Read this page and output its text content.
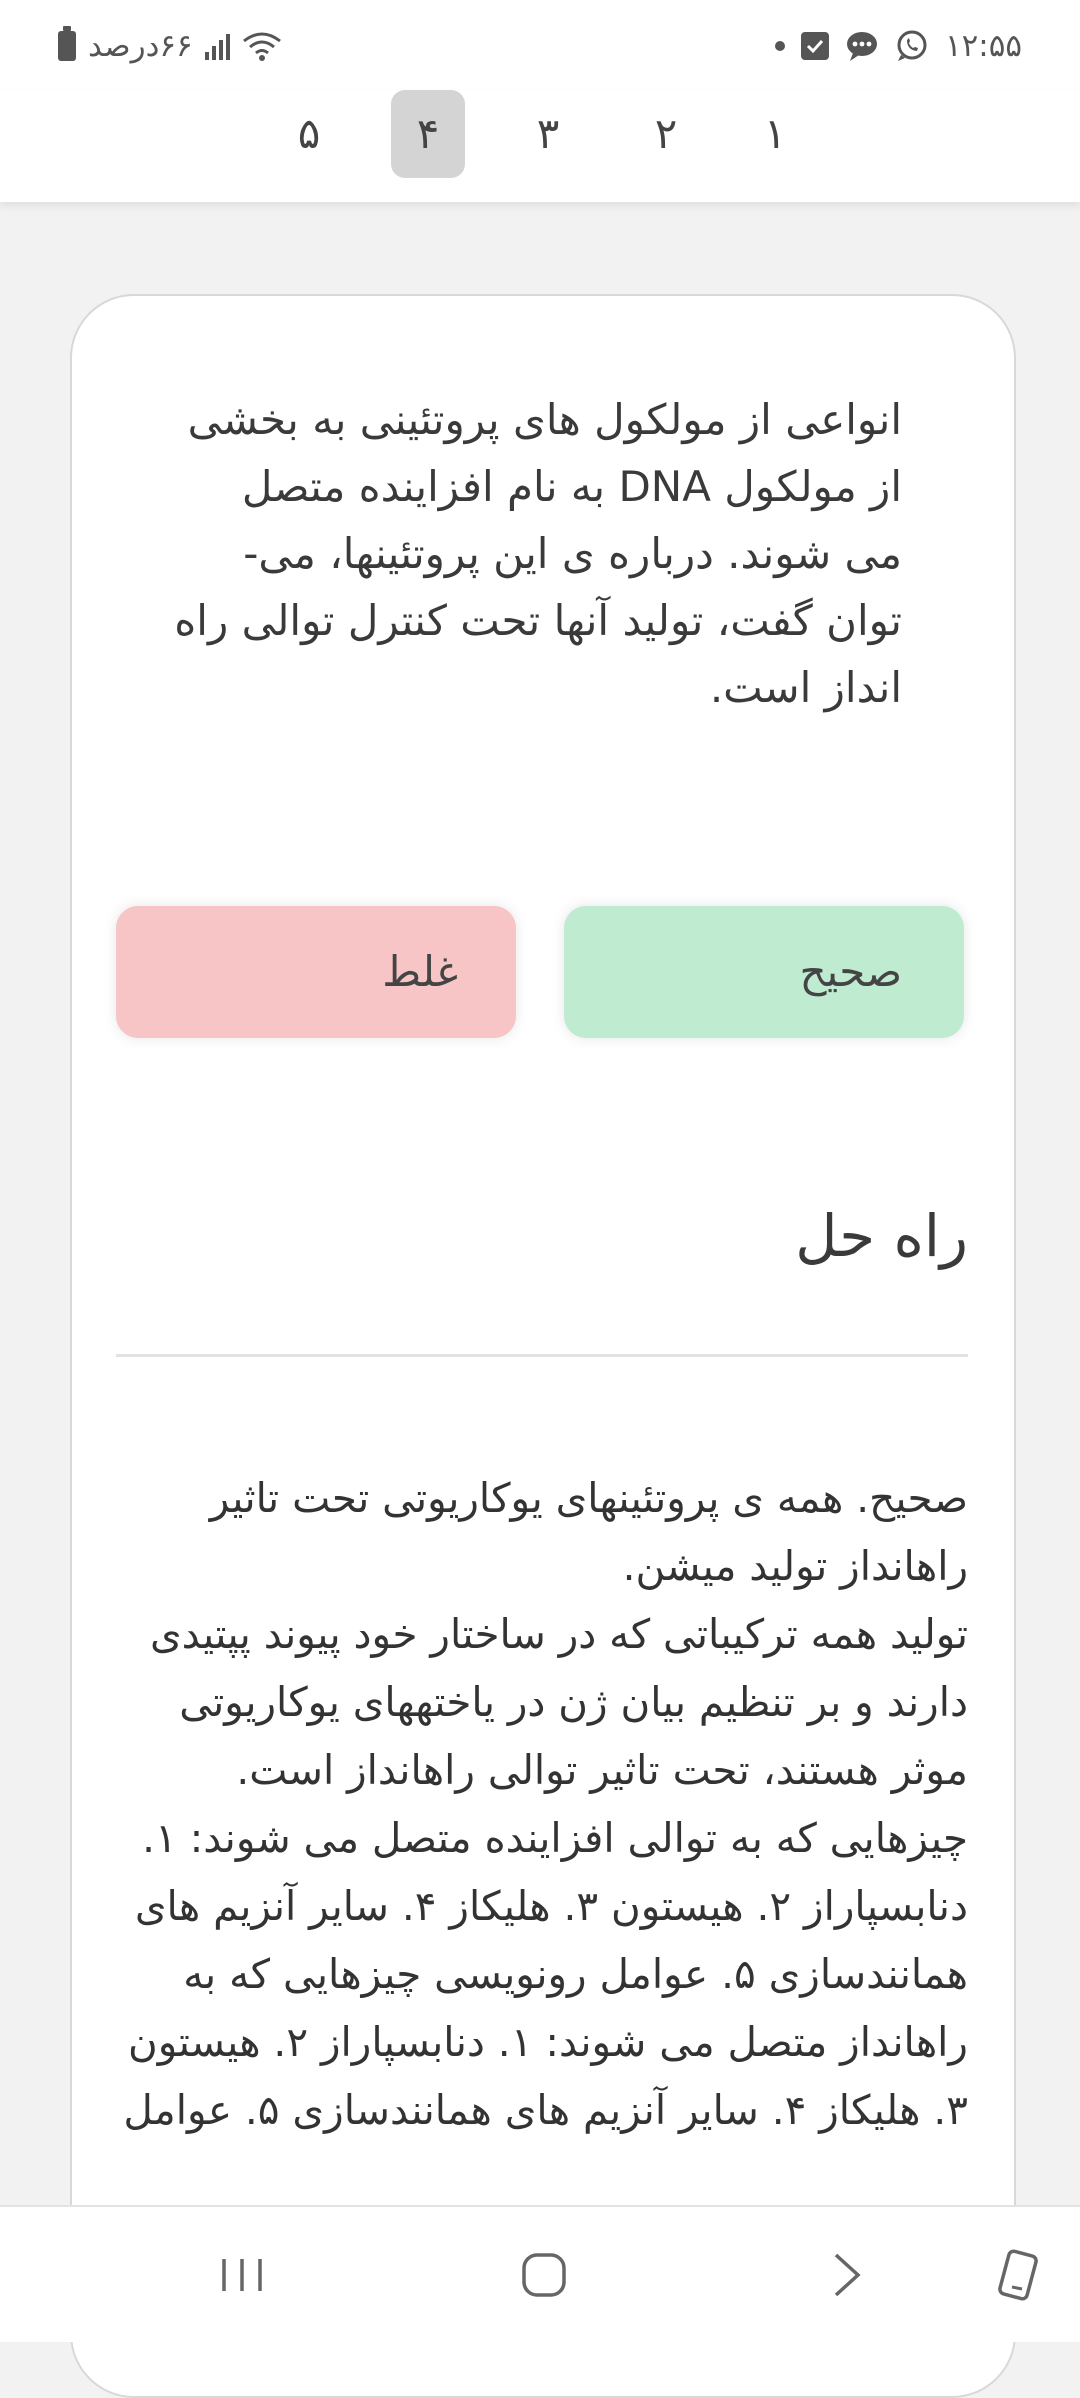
۶۶درصد	۱۲:۵۵
۱
۲
۳
۴
۵
انواعی از مولکول های پروتئینی به بخشی از مولکول DNA به نام افزاینده متصل می شوند. درباره ی این پروتئینها، می-توان گفت، تولید آنها تحت کنترل توالی راه انداز است.
صحیح
غلط
راه حل
صحیح. همه ی پروتئینهای یوکاریوتی تحت تاثیر راهانداز تولید میشن.
تولید همه ترکیباتی که در ساختار خود پیوند پپتیدی دارند و بر تنظیم بیان ژن در یاختههای یوکاریوتی موثر هستند، تحت تاثیر توالی راهانداز است. چیزهایی که به توالی افزاینده متصل می شوند: ۱. دنابسپاراز ۲. هیستون ۳. هلیکاز ۴. سایر آنزیم های همانندسازی ۵. عوامل رونویسی چیزهایی که به راهانداز متصل می شوند: ۱. دنابسپاراز ۲. هیستون ۳. هلیکاز ۴. سایر آنزیم های همانندسازی ۵. عوامل
